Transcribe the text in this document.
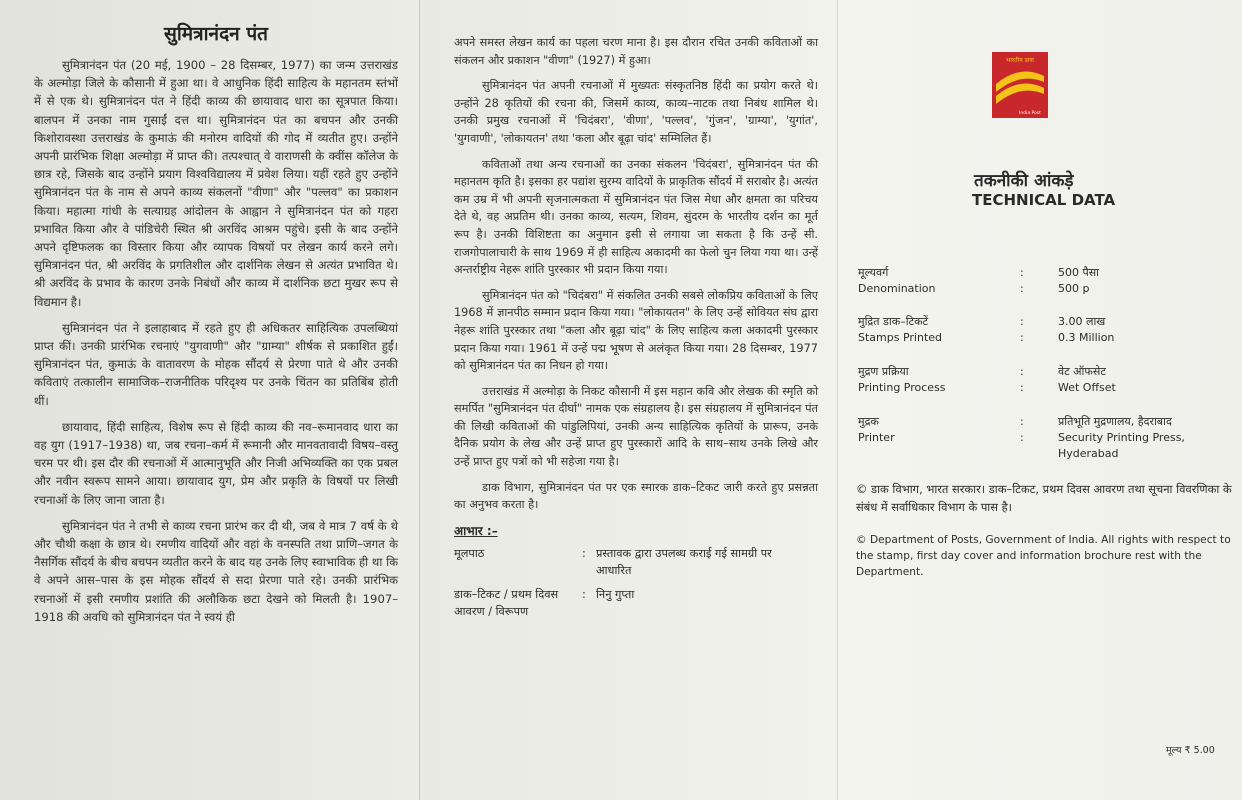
सुमित्रानंदन पंत

सुमित्रानंदन पंत (20 मई, 1900 – 28 दिसम्बर, 1977) का जन्म उत्तराखंड के अल्मोड़ा जिले के कौसानी में हुआ था। वे आधुनिक हिंदी साहित्य के महानतम स्तंभों में से एक थे। सुमित्रानंदन पंत ने हिंदी काव्य की छायावाद धारा का सूत्रपात किया। बालपन में उनका नाम गुसाईं दत्त था। सुमित्रानंदन पंत का बचपन और उनकी किशोरावस्था उत्तराखंड के कुमाऊं की मनोरम वादियों की गोद में व्यतीत हुए। उन्होंने अपनी प्रारंभिक शिक्षा अल्मोड़ा में प्राप्त की। तत्पश्चात् वे वाराणसी के क्वींस कॉलेज के छात्र रहे, जिसके बाद उन्होंने प्रयाग विश्वविद्यालय में प्रवेश लिया। यहीं रहते हुए उन्होंने सुमित्रानंदन पंत के नाम से अपने काव्य संकलनों "वीणा" और "पल्लव" का प्रकाशन किया। महात्मा गांधी के सत्याग्रह आंदोलन के आह्वान ने सुमित्रानंदन पंत को गहरा प्रभावित किया और वे पांडिचेरी स्थित श्री अरविंद आश्रम पहुंचे। इसी के बाद उन्होंने अपने दृष्टिफलक का विस्तार किया और व्यापक विषयों पर लेखन कार्य करने लगे। सुमित्रानंदन पंत, श्री अरविंद के प्रगतिशील और दार्शनिक लेखन से अत्यंत प्रभावित थे। श्री अरविंद के प्रभाव के कारण उनके निबंधों और काव्य में दार्शनिक छटा मुखर रूप से विद्यमान है।

सुमित्रानंदन पंत ने इलाहाबाद में रहते हुए ही अधिकतर साहित्यिक उपलब्धियां प्राप्त कीं। उनकी प्रारंभिक रचनाएं "युगवाणी" और "ग्राम्या" शीर्षक से प्रकाशित हुईं। सुमित्रानंदन पंत, कुमाऊं के वातावरण के मोहक सौंदर्य से प्रेरणा पाते थे और उनकी कविताएं तत्कालीन सामाजिक–राजनीतिक परिदृश्य पर उनके चिंतन का प्रतिबिंब होती थीं।

छायावाद, हिंदी साहित्य, विशेष रूप से हिंदी काव्य की नव–रूमानवाद धारा का वह युग (1917–1938) था, जब रचना–कर्म में रूमानी और मानवतावादी विषय–वस्तु चरम पर थी। इस दौर की रचनाओं में आत्मानुभूति और निजी अभिव्यक्ति का एक प्रबल और नवीन स्वरूप सामने आया। छायावाद युग, प्रेम और प्रकृति के विषयों पर लिखी रचनाओं के लिए जाना जाता है।

सुमित्रानंदन पंत ने तभी से काव्य रचना प्रारंभ कर दी थी, जब वे मात्र 7 वर्ष के थे और चौथी कक्षा के छात्र थे। रमणीय वादियों और वहां के वनस्पति तथा प्राणि–जगत के नैसर्गिक सौंदर्य के बीच बचपन व्यतीत करने के बाद यह उनके लिए स्वाभाविक ही था कि वे अपने आस–पास के इस मोहक सौंदर्य से सदा प्रेरणा पाते रहे। उनकी प्रारंभिक रचनाओं में इसी रमणीय प्रशांति की अलौकिक छटा देखने को मिलती है। 1907–1918 की अवधि को सुमित्रानंदन पंत ने स्वयं ही

अपने समस्त लेखन कार्य का पहला चरण माना है। इस दौरान रचित उनकी कविताओं का संकलन और प्रकाशन "वीणा" (1927) में हुआ।

सुमित्रानंदन पंत अपनी रचनाओं में मुख्यतः संस्कृतनिष्ठ हिंदी का प्रयोग करते थे। उन्होंने 28 कृतियों की रचना की, जिसमें काव्य, काव्य–नाटक तथा निबंध शामिल थे। उनकी प्रमुख रचनाओं में 'चिदंबरा', 'वीणा', 'पल्लव', 'गुंजन', 'ग्राम्या', 'युगांत', 'युगवाणी', 'लोकायतन' तथा 'कला और बूढ़ा चांद' सम्मिलित हैं।

कविताओं तथा अन्य रचनाओं का उनका संकलन 'चिदंबरा', सुमित्रानंदन पंत की महानतम कृति है। इसका हर पद्यांश सुरम्य वादियों के प्राकृतिक सौंदर्य में सराबोर है। अत्यंत कम उम्र में भी अपनी सृजनात्मकता में सुमित्रानंदन पंत जिस मेधा और क्षमता का परिचय देते थे, वह अप्रतिम थी। उनका काव्य, सत्यम, शिवम, सुंदरम के भारतीय दर्शन का मूर्त रूप है। उनकी विशिष्टता का अनुमान इसी से लगाया जा सकता है कि उन्हें सी. राजगोपालाचारी के साथ 1969 में ही साहित्य अकादमी का फेलो चुन लिया गया था। उन्हें अन्तर्राष्ट्रीय नेहरू शांति पुरस्कार भी प्रदान किया गया।

सुमित्रानंदन पंत को "चिदंबरा" में संकलित उनकी सबसे लोकप्रिय कविताओं के लिए 1968 में ज्ञानपीठ सम्मान प्रदान किया गया। "लोकायतन" के लिए उन्हें सोवियत संघ द्वारा नेहरू शांति पुरस्कार तथा "कला और बूढ़ा चांद" के लिए साहित्य कला अकादमी पुरस्कार प्रदान किया गया। 1961 में उन्हें पद्म भूषण से अलंकृत किया गया। 28 दिसम्बर, 1977 को सुमित्रानंदन पंत का निधन हो गया।

उत्तराखंड में अल्मोड़ा के निकट कौसानी में इस महान कवि और लेखक की स्मृति को समर्पित "सुमित्रानंदन पंत दीर्घा" नामक एक संग्रहालय है। इस संग्रहालय में सुमित्रानंदन पंत की लिखी कविताओं की पांडुलिपियां, उनकी अन्य साहित्यिक कृतियों के प्रारूप, उनके दैनिक प्रयोग के लेख और उन्हें प्राप्त हुए पुरस्कारों आदि के साथ–साथ उनके लिखे और उन्हें प्राप्त हुए पत्रों को भी सहेजा गया है।

डाक विभाग, सुमित्रानंदन पंत पर एक स्मारक डाक–टिकट जारी करते हुए प्रसन्नता का अनुभव करता है।

आभार :–
मूलपाठ	: प्रस्तावक द्वारा उपलब्ध कराई गई सामग्री पर आधारित
डाक–टिकट / प्रथम दिवस आवरण / विरूपण
: निनु गुप्ता
भारतीय डाक
India Post
तकनीकी आंकड़े
TECHNICAL DATA
मूल्यवर्ग
Denomination
:
:
500 पैसा
500 p
मुद्रित डाक–टिकटें
Stamps Printed
:
:
3.00 लाख
0.3 Million
मुद्रण प्रक्रिया
Printing Process
:
:
वेट ऑफसेट
Wet Offset
मुद्रक
Printer
:
:
प्रतिभूति मुद्रणालय, हैदराबाद
Security Printing Press, Hyderabad
© डाक विभाग, भारत सरकार। डाक–टिकट, प्रथम दिवस आवरण तथा सूचना विवरणिका के संबंध में सर्वाधिकार विभाग के पास है।
© Department of Posts, Government of India. All rights with respect to the stamp, first day cover and information brochure rest with the Department.
मूल्य ₹ 5.00
